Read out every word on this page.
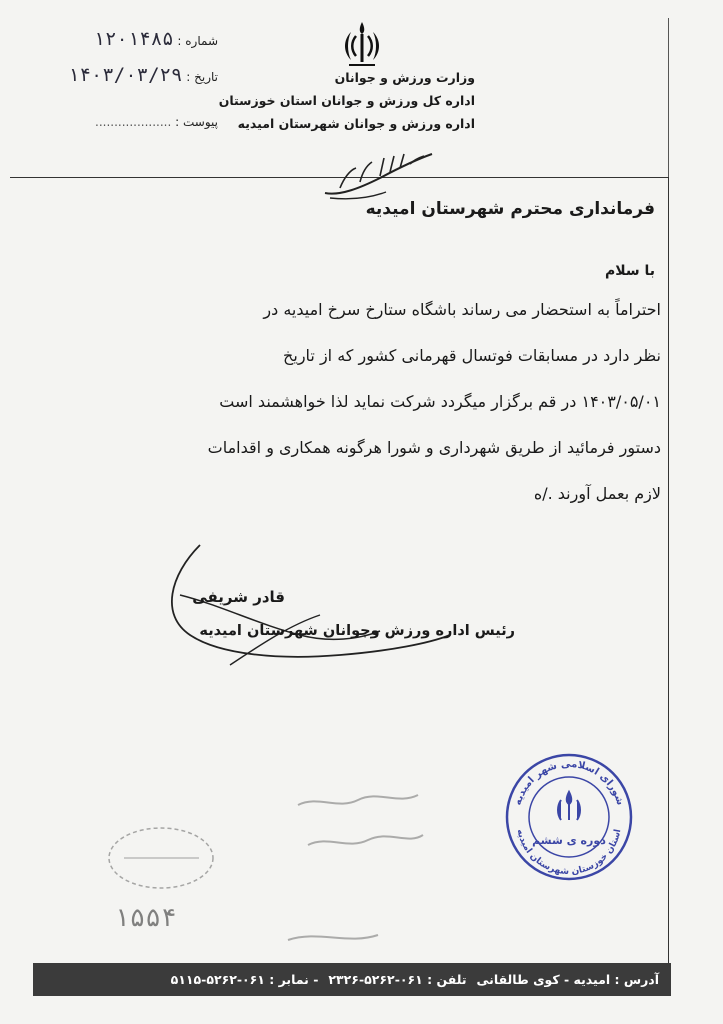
شماره : ۱۲۰۱۴۸۵
تاریخ : ۱۴۰۳/۰۳/۲۹
پیوست : ....................
وزارت ورزش و جوانان
اداره کل ورزش و جوانان استان خوزستان
اداره ورزش و جوانان شهرستان امیدیه
فرمانداری محترم شهرستان امیدیه
با سلام
احتراماً به استحضار می رساند باشگاه ستارخ سرخ امیدیه در
نظر دارد در مسابقات فوتسال قهرمانی کشور که از تاریخ
۱۴۰۳/۰۵/۰۱ در قم برگزار میگردد شرکت نماید لذا خواهشمند است
دستور فرمائید از طریق شهرداری و شورا هرگونه همکاری و اقدامات
لازم بعمل آورند ./ه
قادر شریفی
رئیس اداره ورزش وجوانان شهرستان امیدیه
۱۵۵۴
شورای اسلامی شهر امیدیه
استان خوزستان شهرستان امیدیه
دوره ی ششم
آدرس : امیدیه - کوی طالقانی
تلفن : ۰۶۱-۵۲۶۲-۲۳۲۶
- نمابر : ۰۶۱-۵۲۶۲-۵۱۱۵
